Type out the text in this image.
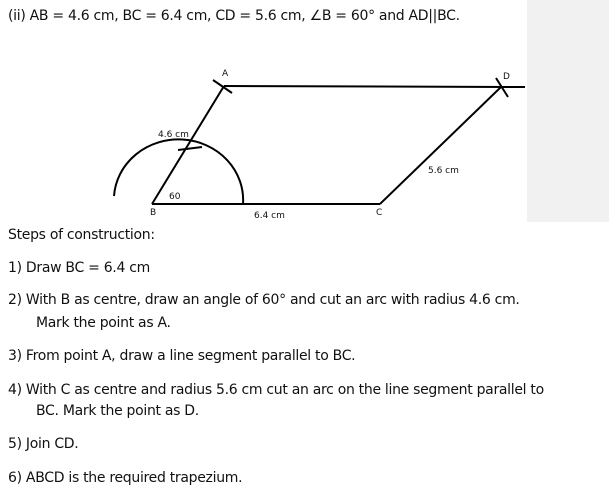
(ii) AB = 4.6 cm, BC = 6.4 cm, CD = 5.6 cm, ∠B = 60° and AD||BC.
A
B	C
D
4.6 cm
6.4 cm
5.6 cm
60
Steps of construction:
1) Draw BC = 6.4 cm
2) With B as centre, draw an angle of 60° and cut an arc with radius 4.6 cm.
Mark the point as A.
3) From point A, draw a line segment parallel to BC.
4) With C as centre and radius 5.6 cm cut an arc on the line segment parallel to
BC. Mark the point as D.
5) Join CD.
6) ABCD is the required trapezium.
